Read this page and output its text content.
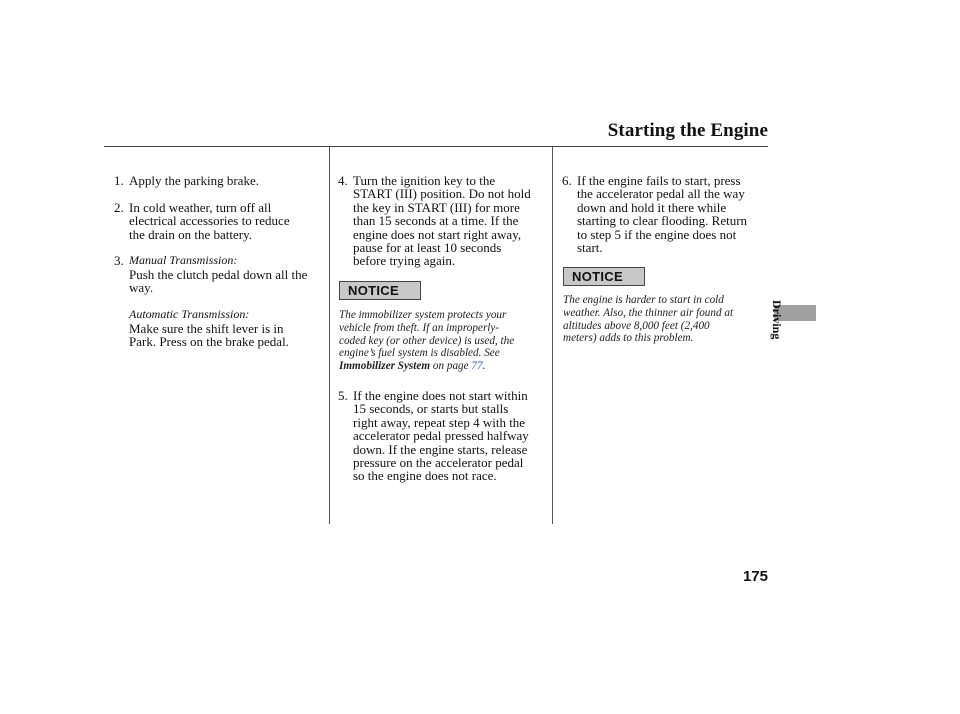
Starting the Engine
Driving
175
1. Apply the parking brake.
2. In cold weather, turn off all
electrical accessories to reduce
the drain on the battery.
3. Manual Transmission:
Push the clutch pedal down all the
way.
Automatic Transmission:
Make sure the shift lever is in
Park. Press on the brake pedal.
4. Turn the ignition key to the
START (III) position. Do not hold
the key in START (III) for more
than 15 seconds at a time. If the
engine does not start right away,
pause for at least 10 seconds
before trying again.
NOTICE
The immobilizer system protects your
vehicle from theft. If an improperly-
coded key (or other device) is used, the
engine’s fuel system is disabled. See
Immobilizer System on page 77.
5. If the engine does not start within
15 seconds, or starts but stalls
right away, repeat step 4 with the
accelerator pedal pressed halfway
down. If the engine starts, release
pressure on the accelerator pedal
so the engine does not race.
6. If the engine fails to start, press
the accelerator pedal all the way
down and hold it there while
starting to clear flooding. Return
to step 5 if the engine does not
start.
NOTICE
The engine is harder to start in cold
weather. Also, the thinner air found at
altitudes above 8,000 feet (2,400
meters) adds to this problem.
